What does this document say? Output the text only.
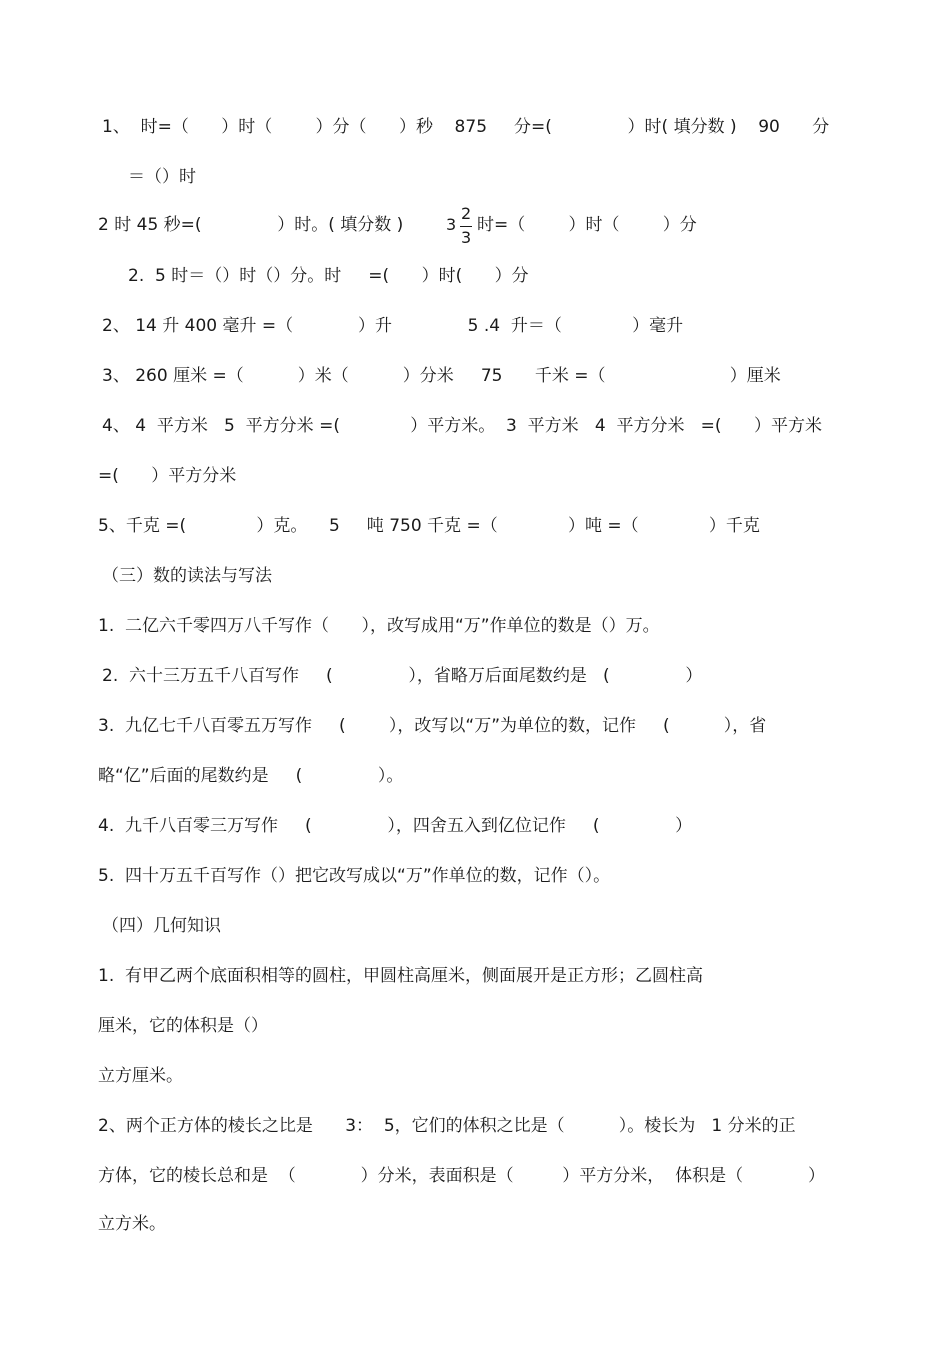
1、  时=（      ）时（        ）分（      ）秒    875     分=(              ）时( 填分数 )    90      分
＝（）时
2 时 45 秒=(              ）时。( 填分数 )	3
2
3
时=（        ）时（        ）分
2.  5 时＝（）时（）分。时     =(      ）时(      ）分
2、 14 升 400 毫升 =（            ）升              5 .4  升＝（             ）毫升
3、 260 厘米 =（          ）米（          ）分米     75      千米 =（                       ）厘米
4、 4  平方米   5  平方分米 =(             ）平方米。  3  平方米   4  平方分米   =(      ）平方米
=(      ）平方分米
5、千克 =(             ）克。    5     吨 750 千克 =（             ）吨 =（             ）千克
（三）数的读法与写法
1.  二亿六千零四万八千写作（      ），改写成用“万”作单位的数是（）万。
2.  六十三万五千八百写作     (              ），省略万后面尾数约是   (              ）
3.  九亿七千八百零五万写作     (        ），改写以“万”为单位的数，记作     (          ），省
略“亿”后面的尾数约是     (              ）。
4.  九千八百零三万写作     (              ），四舍五入到亿位记作     (              ）
5.  四十万五千百写作（）把它改写成以“万”作单位的数，记作（）。
（四）几何知识
1.  有甲乙两个底面积相等的圆柱，甲圆柱高厘米，侧面展开是正方形；乙圆柱高
厘米，它的体积是（）
立方厘米。
2、两个正方体的棱长之比是      3：  5，它们的体积之比是（          ）。棱长为   1 分米的正
方体，它的棱长总和是  （            ）分米，表面积是（         ）平方分米，  体积是（            ）
立方米。
